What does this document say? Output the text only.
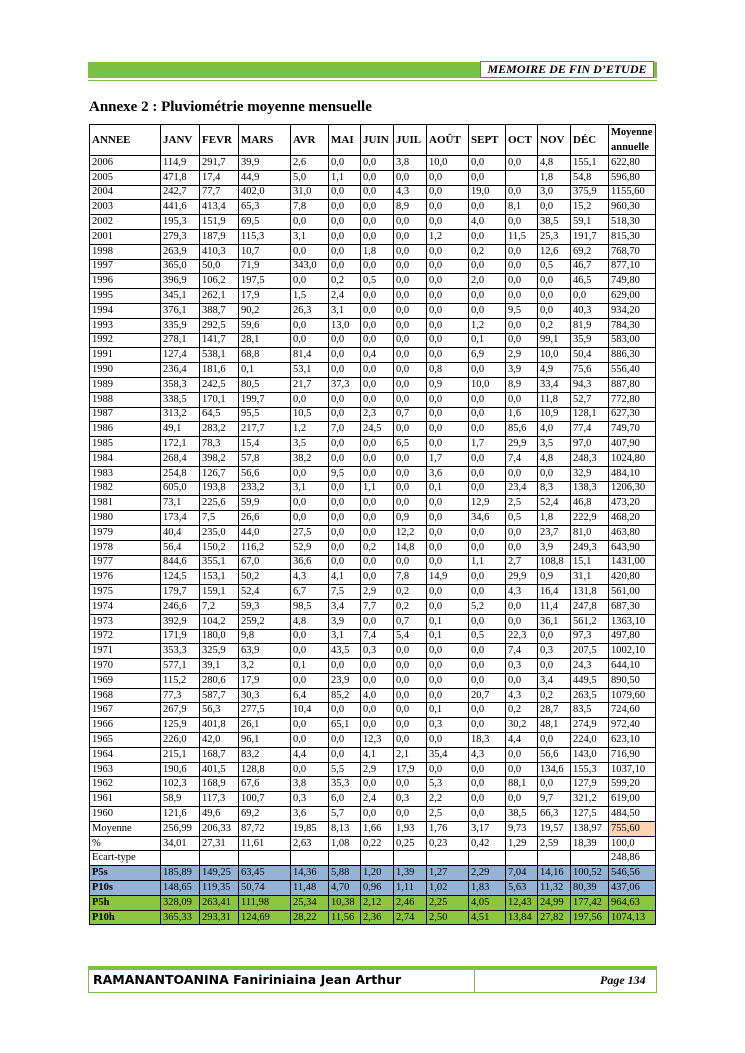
MEMOIRE DE FIN D’ETUDE
Annexe 2 : Pluviométrie moyenne mensuelle
ANNEE	JANV	FEVR	MARS	AVR	MAI	JUIN	JUIL	AOÛT	SEPT	OCT	NOV	DÉC	Moyenne annuelle
2006	114,9	291,7	39,9	2,6	0,0	0,0	3,8	10,0	0,0	0,0	4,8	155,1	622,80
2005	471,8	17,4	44,9	5,0	1,1	0,0	0,0	0,0	0,0		1,8	54,8	596,80
2004	242,7	77,7	402,0	31,0	0,0	0,0	4,3	0,0	19,0	0,0	3,0	375,9	1155,60
2003	441,6	413,4	65,3	7,8	0,0	0,0	8,9	0,0	0,0	8,1	0,0	15,2	960,30
2002	195,3	151,9	69,5	0,0	0,0	0,0	0,0	0,0	4,0	0,0	38,5	59,1	518,30
2001	279,3	187,9	115,3	3,1	0,0	0,0	0,0	1,2	0,0	11,5	25,3	191,7	815,30
1998	263,9	410,3	10,7	0,0	0,0	1,8	0,0	0,0	0,2	0,0	12,6	69,2	768,70
1997	365,0	50,0	71,9	343,0	0,0	0,0	0,0	0,0	0,0	0,0	0,5	46,7	877,10
1996	396,9	106,2	197,5	0,0	0,2	0,5	0,0	0,0	2,0	0,0	0,0	46,5	749,80
1995	345,1	262,1	17,9	1,5	2,4	0,0	0,0	0,0	0,0	0,0	0,0	0,0	629,00
1994	376,1	388,7	90,2	26,3	3,1	0,0	0,0	0,0	0,0	9,5	0,0	40,3	934,20
1993	335,9	292,5	59,6	0,0	13,0	0,0	0,0	0,0	1,2	0,0	0,2	81,9	784,30
1992	278,1	141,7	28,1	0,0	0,0	0,0	0,0	0,0	0,1	0,0	99,1	35,9	583,00
1991	127,4	538,1	68,8	81,4	0,0	0,4	0,0	0,0	6,9	2,9	10,0	50,4	886,30
1990	236,4	181,6	0,1	53,1	0,0	0,0	0,0	0,8	0,0	3,9	4,9	75,6	556,40
1989	358,3	242,5	80,5	21,7	37,3	0,0	0,0	0,9	10,0	8,9	33,4	94,3	887,80
1988	338,5	170,1	199,7	0,0	0,0	0,0	0,0	0,0	0,0	0,0	11,8	52,7	772,80
1987	313,2	64,5	95,5	10,5	0,0	2,3	0,7	0,0	0,0	1,6	10,9	128,1	627,30
1986	49,1	283,2	217,7	1,2	7,0	24,5	0,0	0,0	0,0	85,6	4,0	77,4	749,70
1985	172,1	78,3	15,4	3,5	0,0	0,0	6,5	0,0	1,7	29,9	3,5	97,0	407,90
1984	268,4	398,2	57,8	38,2	0,0	0,0	0,0	1,7	0,0	7,4	4,8	248,3	1024,80
1983	254,8	126,7	56,6	0,0	9,5	0,0	0,0	3,6	0,0	0,0	0,0	32,9	484,10
1982	605,0	193,8	233,2	3,1	0,0	1,1	0,0	0,1	0,0	23,4	8,3	138,3	1206,30
1981	73,1	225,6	59,9	0,0	0,0	0,0	0,0	0,0	12,9	2,5	52,4	46,8	473,20
1980	173,4	7,5	26,6	0,0	0,0	0,0	0,9	0,0	34,6	0,5	1,8	222,9	468,20
1979	40,4	235,0	44,0	27,5	0,0	0,0	12,2	0,0	0,0	0,0	23,7	81,0	463,80
1978	56,4	150,2	116,2	52,9	0,0	0,2	14,8	0,0	0,0	0,0	3,9	249,3	643,90
1977	844,6	355,1	67,0	36,6	0,0	0,0	0,0	0,0	1,1	2,7	108,8	15,1	1431,00
1976	124,5	153,1	50,2	4,3	4,1	0,0	7,8	14,9	0,0	29,9	0,9	31,1	420,80
1975	179,7	159,1	52,4	6,7	7,5	2,9	0,2	0,0	0,0	4,3	16,4	131,8	561,00
1974	246,6	7,2	59,3	98,5	3,4	7,7	0,2	0,0	5,2	0,0	11,4	247,8	687,30
1973	392,9	104,2	259,2	4,8	3,9	0,0	0,7	0,1	0,0	0,0	36,1	561,2	1363,10
1972	171,9	180,0	9,8	0,0	3,1	7,4	5,4	0,1	0,5	22,3	0,0	97,3	497,80
1971	353,3	325,9	63,9	0,0	43,5	0,3	0,0	0,0	0,0	7,4	0,3	207,5	1002,10
1970	577,1	39,1	3,2	0,1	0,0	0,0	0,0	0,0	0,0	0,3	0,0	24,3	644,10
1969	115,2	280,6	17,9	0,0	23,9	0,0	0,0	0,0	0,0	0,0	3,4	449,5	890,50
1968	77,3	587,7	30,3	6,4	85,2	4,0	0,0	0,0	20,7	4,3	0,2	263,5	1079,60
1967	267,9	56,3	277,5	10,4	0,0	0,0	0,0	0,1	0,0	0,2	28,7	83,5	724,60
1966	125,9	401,8	26,1	0,0	65,1	0,0	0,0	0,3	0,0	30,2	48,1	274,9	972,40
1965	226,0	42,0	96,1	0,0	0,0	12,3	0,0	0,0	18,3	4,4	0,0	224,0	623,10
1964	215,1	168,7	83,2	4,4	0,0	4,1	2,1	35,4	4,3	0,0	56,6	143,0	716,90
1963	190,6	401,5	128,8	0,0	5,5	2,9	17,9	0,0	0,0	0,0	134,6	155,3	1037,10
1962	102,3	168,9	67,6	3,8	35,3	0,0	0,0	5,3	0,0	88,1	0,0	127,9	599,20
1961	58,9	117,3	100,7	0,3	6,0	2,4	0,3	2,2	0,0	0,0	9,7	321,2	619,00
1960	121,6	49,6	69,2	3,6	5,7	0,0	0,0	2,5	0,0	38,5	66,3	127,5	484,50
Moyenne	256,99	206,33	87,72	19,85	8,13	1,66	1,93	1,76	3,17	9,73	19,57	138,97	755,60
%	34,01	27,31	11,61	2,63	1,08	0,22	0,25	0,23	0,42	1,29	2,59	18,39	100,0
Ecart-type													248,86
P5s	185,89	149,25	63,45	14,36	5,88	1,20	1,39	1,27	2,29	7,04	14,16	100,52	546,56
P10s	148,65	119,35	50,74	11,48	4,70	0,96	1,11	1,02	1,83	5,63	11,32	80,39	437,06
P5h	328,09	263,41	111,98	25,34	10,38	2,12	2,46	2,25	4,05	12,43	24,99	177,42	964,63
P10h	365,33	293,31	124,69	28,22	11,56	2,36	2,74	2,50	4,51	13,84	27,82	197,56	1074,13
RAMANANTOANINA Faniriniaina Jean Arthur	Page 134
